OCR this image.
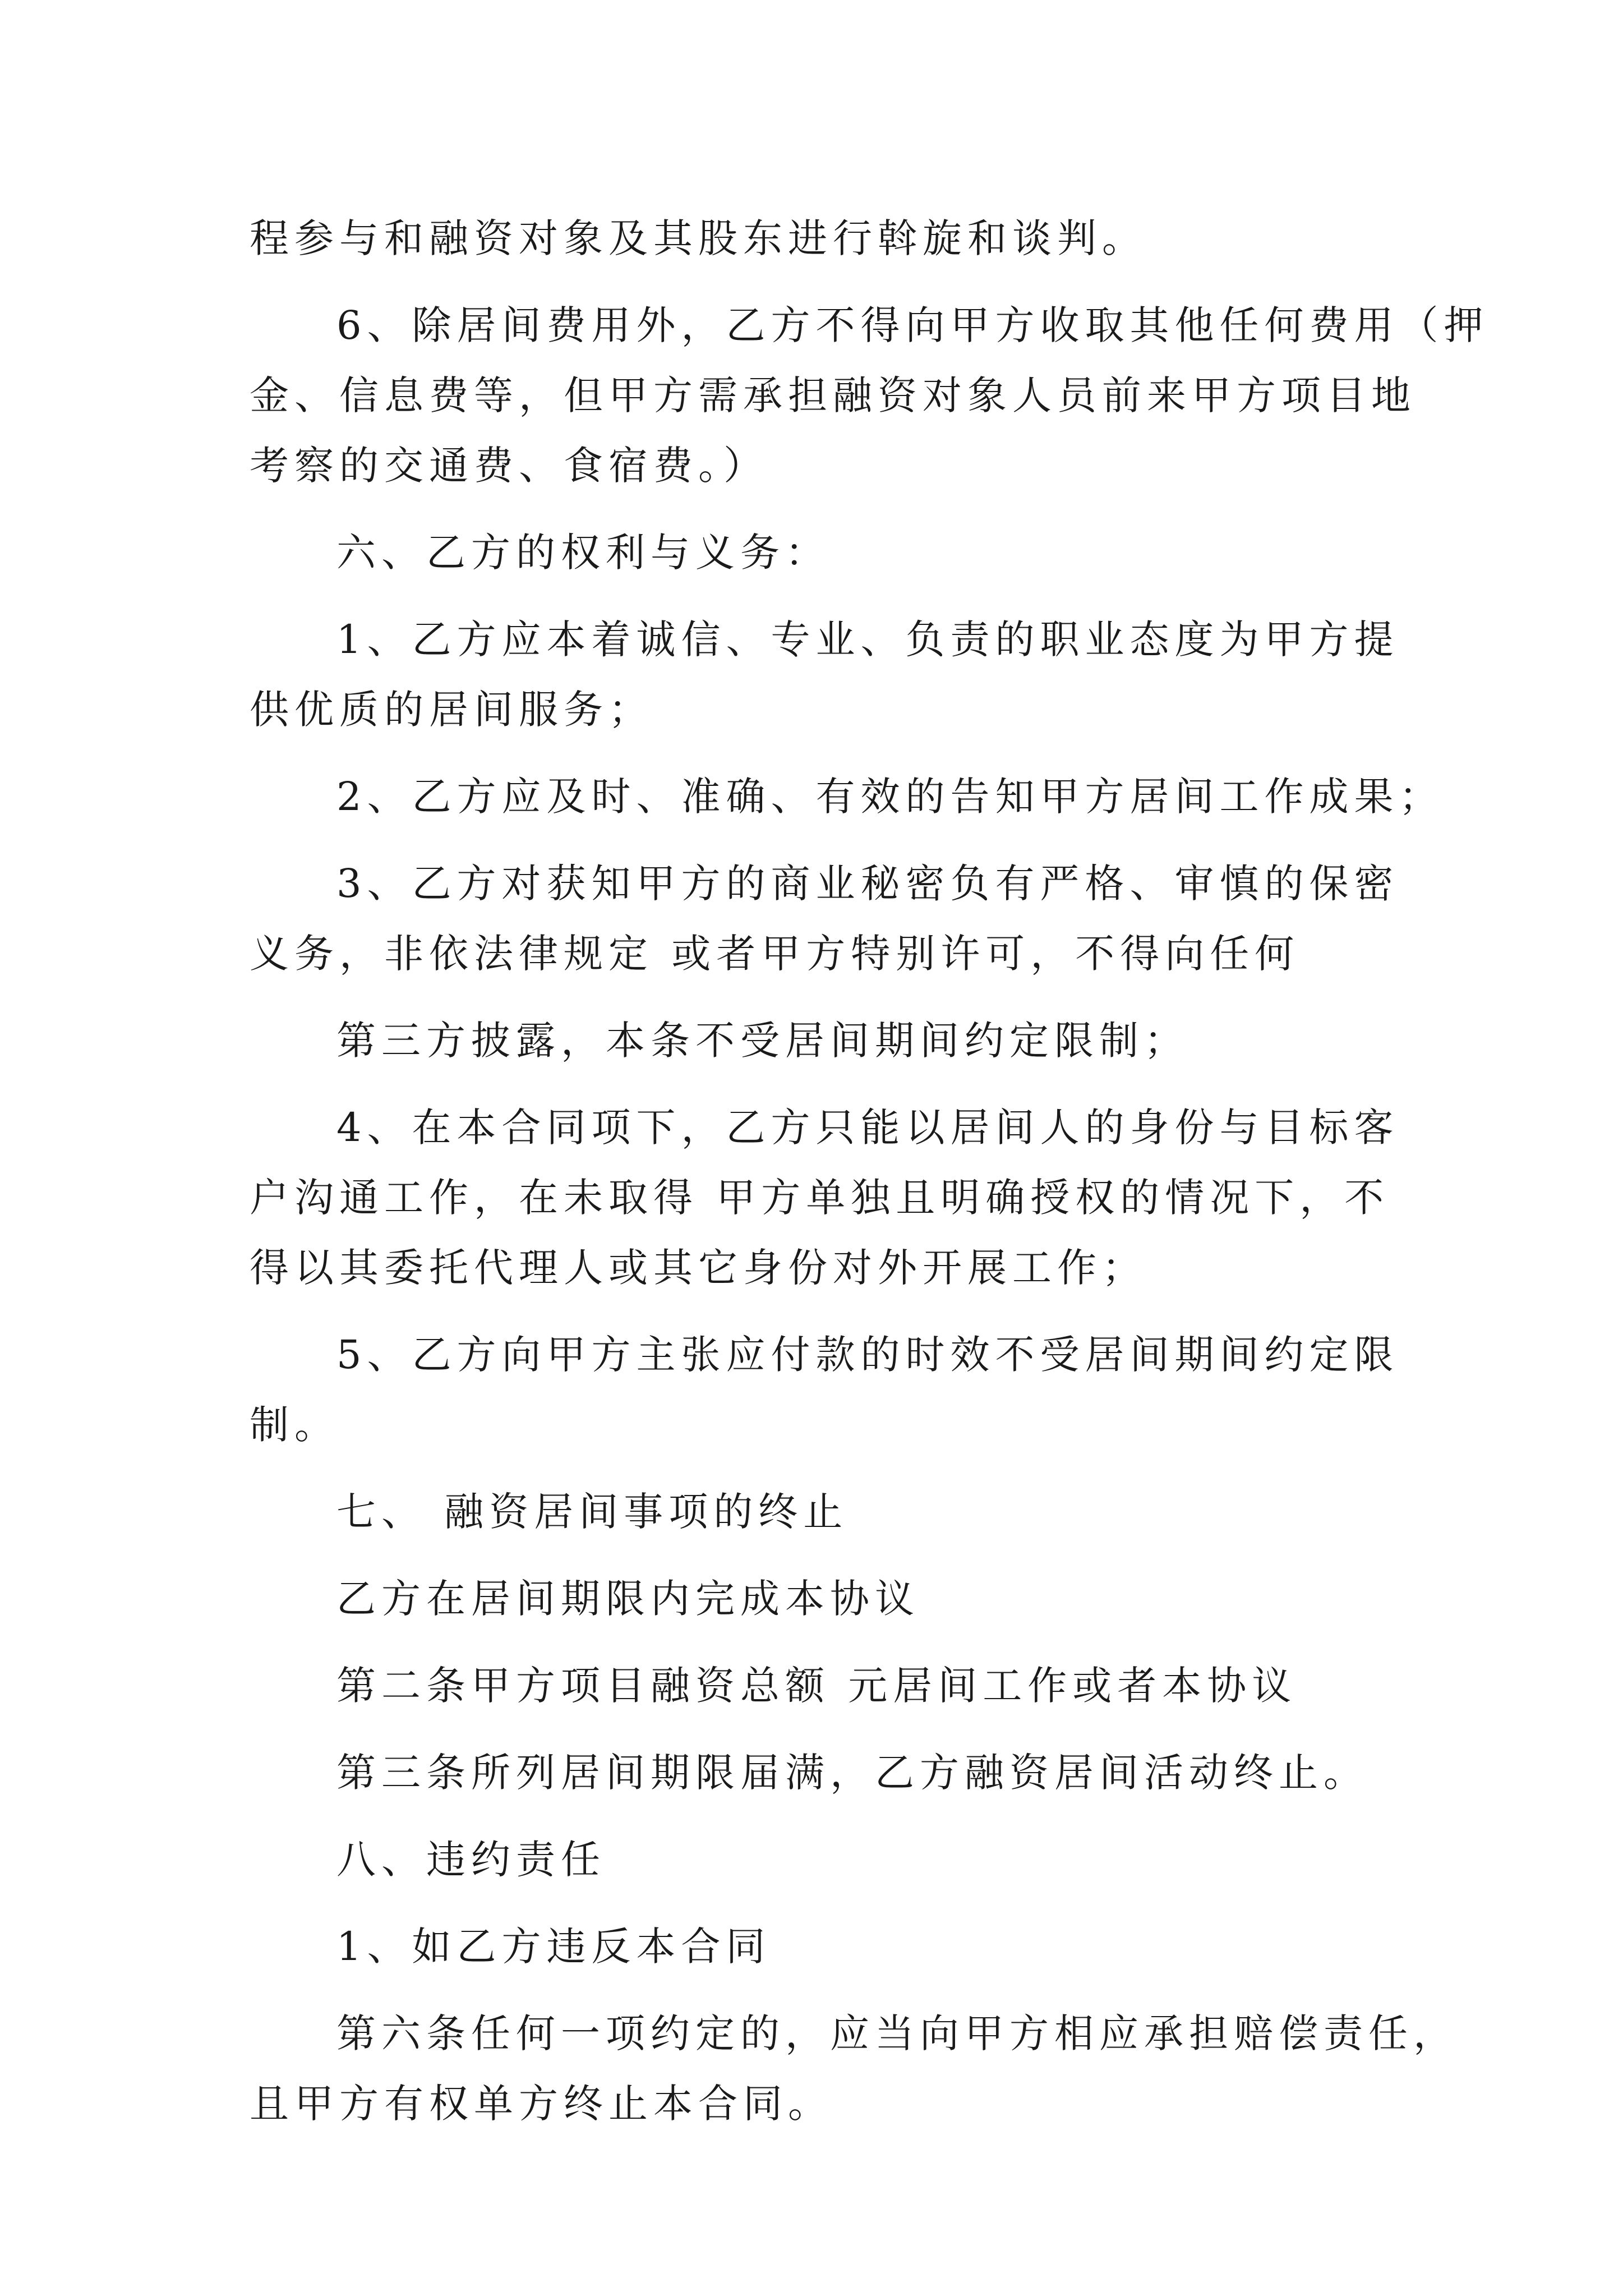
程参与和融资对象及其股东进行斡旋和谈判。
6、除居间费用外，乙方不得向甲方收取其他任何费用（押
金、信息费等，但甲方需承担融资对象人员前来甲方项目地
考察的交通费、食宿费。）
六、乙方的权利与义务：
1、乙方应本着诚信、专业、负责的职业态度为甲方提
供优质的居间服务；
2、乙方应及时、准确、有效的告知甲方居间工作成果；
3、乙方对获知甲方的商业秘密负有严格、审慎的保密
义务，非依法律规定 或者甲方特别许可，不得向任何
第三方披露，本条不受居间期间约定限制；
4、在本合同项下，乙方只能以居间人的身份与目标客
户沟通工作，在未取得 甲方单独且明确授权的情况下，不
得以其委托代理人或其它身份对外开展工作；
5、乙方向甲方主张应付款的时效不受居间期间约定限
制。
七、 融资居间事项的终止
乙方在居间期限内完成本协议
第二条甲方项目融资总额 元居间工作或者本协议
第三条所列居间期限届满，乙方融资居间活动终止。
八、违约责任
1、如乙方违反本合同
第六条任何一项约定的，应当向甲方相应承担赔偿责任，
且甲方有权单方终止本合同。
